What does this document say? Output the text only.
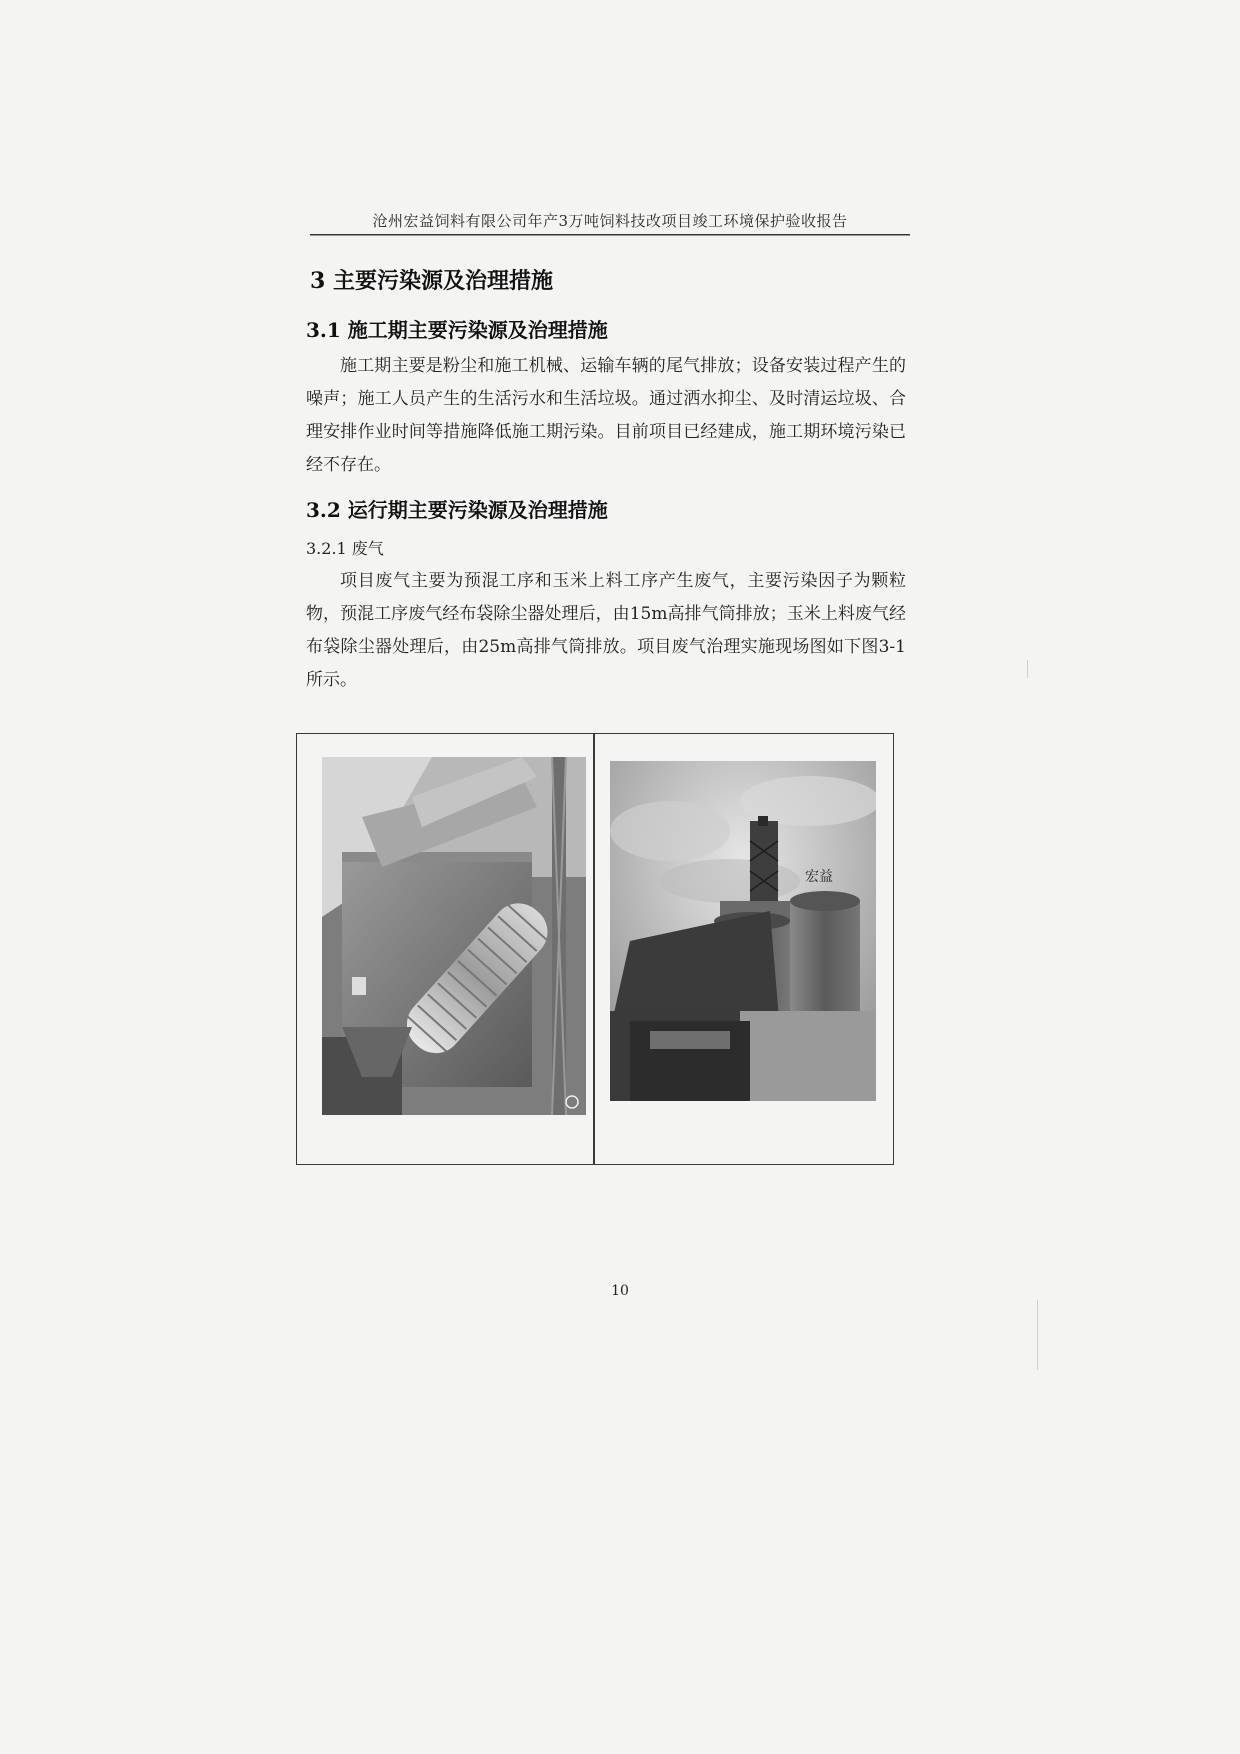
沧州宏益饲料有限公司年产3万吨饲料技改项目竣工环境保护验收报告
3 主要污染源及治理措施
3.1 施工期主要污染源及治理措施
施工期主要是粉尘和施工机械、运输车辆的尾气排放；设备安装过程产生的噪声；施工人员产生的生活污水和生活垃圾。通过洒水抑尘、及时清运垃圾、合理安排作业时间等措施降低施工期污染。目前项目已经建成，施工期环境污染已经不存在。
3.2 运行期主要污染源及治理措施
3.2.1 废气
项目废气主要为预混工序和玉米上料工序产生废气，主要污染因子为颗粒物，预混工序废气经布袋除尘器处理后，由15m高排气筒排放；玉米上料废气经布袋除尘器处理后，由25m高排气筒排放。项目废气治理实施现场图如下图3-1所示。
宏益
10
